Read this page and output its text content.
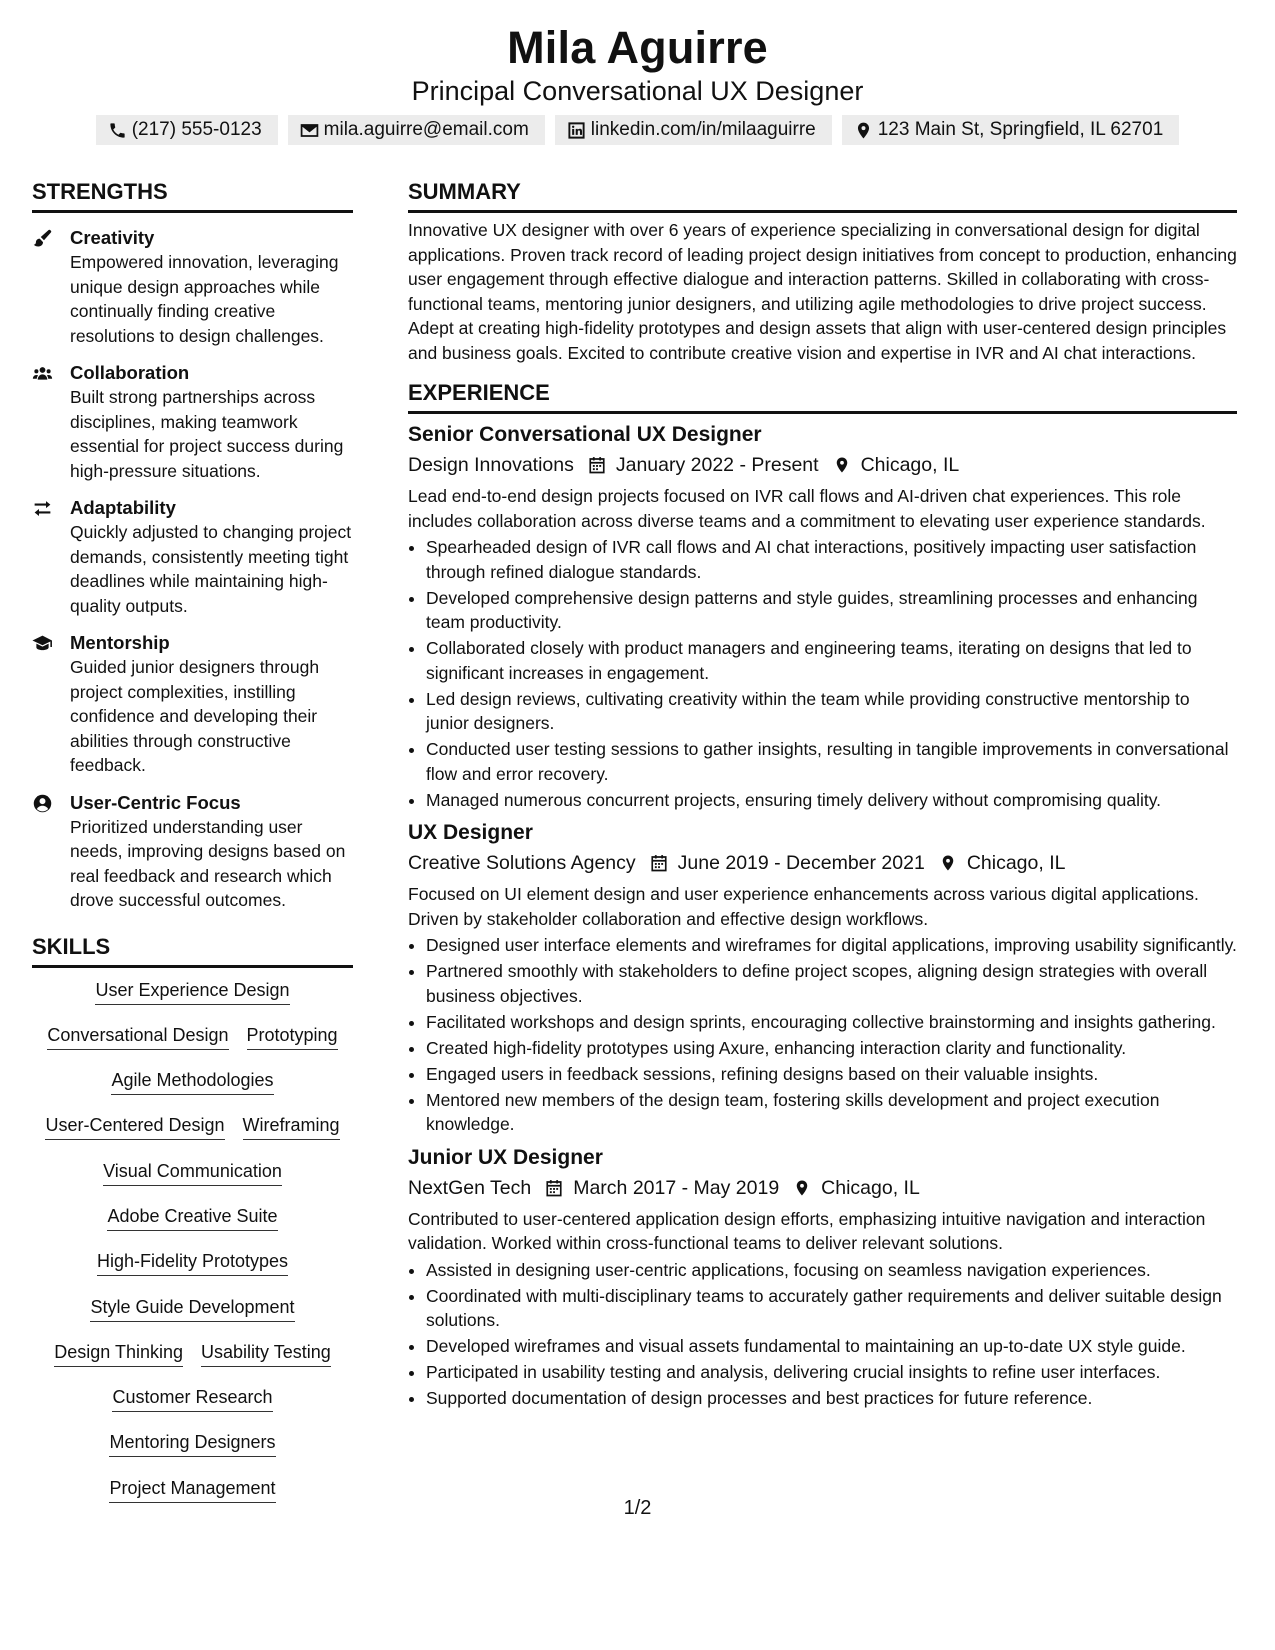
Mila Aguirre
Principal Conversational UX Designer
(217) 555-0123	mila.aguirre@email.com	linkedin.com/in/milaaguirre	123 Main St, Springfield, IL 62701
STRENGTHS
Creativity
Empowered innovation, leveraging unique design approaches while continually finding creative resolutions to design challenges.
Collaboration
Built strong partnerships across disciplines, making teamwork essential for project success during high-pressure situations.
Adaptability
Quickly adjusted to changing project demands, consistently meeting tight deadlines while maintaining high-quality outputs.
Mentorship
Guided junior designers through project complexities, instilling confidence and developing their abilities through constructive feedback.
User-Centric Focus
Prioritized understanding user needs, improving designs based on real feedback and research which drove successful outcomes.
SKILLS
User Experience Design
Conversational Design Prototyping
Agile Methodologies
User-Centered Design Wireframing
Visual Communication
Adobe Creative Suite
High-Fidelity Prototypes
Style Guide Development
Design Thinking Usability Testing
Customer Research
Mentoring Designers
Project Management
SUMMARY
Innovative UX designer with over 6 years of experience specializing in conversational design for digital applications. Proven track record of leading project design initiatives from concept to production, enhancing user engagement through effective dialogue and interaction patterns. Skilled in collaborating with cross-functional teams, mentoring junior designers, and utilizing agile methodologies to drive project success. Adept at creating high-fidelity prototypes and design assets that align with user-centered design principles and business goals. Excited to contribute creative vision and expertise in IVR and AI chat interactions.
EXPERIENCE
Senior Conversational UX Designer
Design Innovations January 2022 - Present Chicago, IL
Lead end-to-end design projects focused on IVR call flows and AI-driven chat experiences. This role includes collaboration across diverse teams and a commitment to elevating user experience standards.
• Spearheaded design of IVR call flows and AI chat interactions, positively impacting user satisfaction through refined dialogue standards.
• Developed comprehensive design patterns and style guides, streamlining processes and enhancing team productivity.
• Collaborated closely with product managers and engineering teams, iterating on designs that led to significant increases in engagement.
• Led design reviews, cultivating creativity within the team while providing constructive mentorship to junior designers.
• Conducted user testing sessions to gather insights, resulting in tangible improvements in conversational flow and error recovery.
• Managed numerous concurrent projects, ensuring timely delivery without compromising quality.
UX Designer
Creative Solutions Agency June 2019 - December 2021 Chicago, IL
Focused on UI element design and user experience enhancements across various digital applications. Driven by stakeholder collaboration and effective design workflows.
• Designed user interface elements and wireframes for digital applications, improving usability significantly.
• Partnered smoothly with stakeholders to define project scopes, aligning design strategies with overall business objectives.
• Facilitated workshops and design sprints, encouraging collective brainstorming and insights gathering.
• Created high-fidelity prototypes using Axure, enhancing interaction clarity and functionality.
• Engaged users in feedback sessions, refining designs based on their valuable insights.
• Mentored new members of the design team, fostering skills development and project execution knowledge.
Junior UX Designer
NextGen Tech March 2017 - May 2019 Chicago, IL
Contributed to user-centered application design efforts, emphasizing intuitive navigation and interaction validation. Worked within cross-functional teams to deliver relevant solutions.
• Assisted in designing user-centric applications, focusing on seamless navigation experiences.
• Coordinated with multi-disciplinary teams to accurately gather requirements and deliver suitable design solutions.
• Developed wireframes and visual assets fundamental to maintaining an up-to-date UX style guide.
• Participated in usability testing and analysis, delivering crucial insights to refine user interfaces.
• Supported documentation of design processes and best practices for future reference.
1/2
